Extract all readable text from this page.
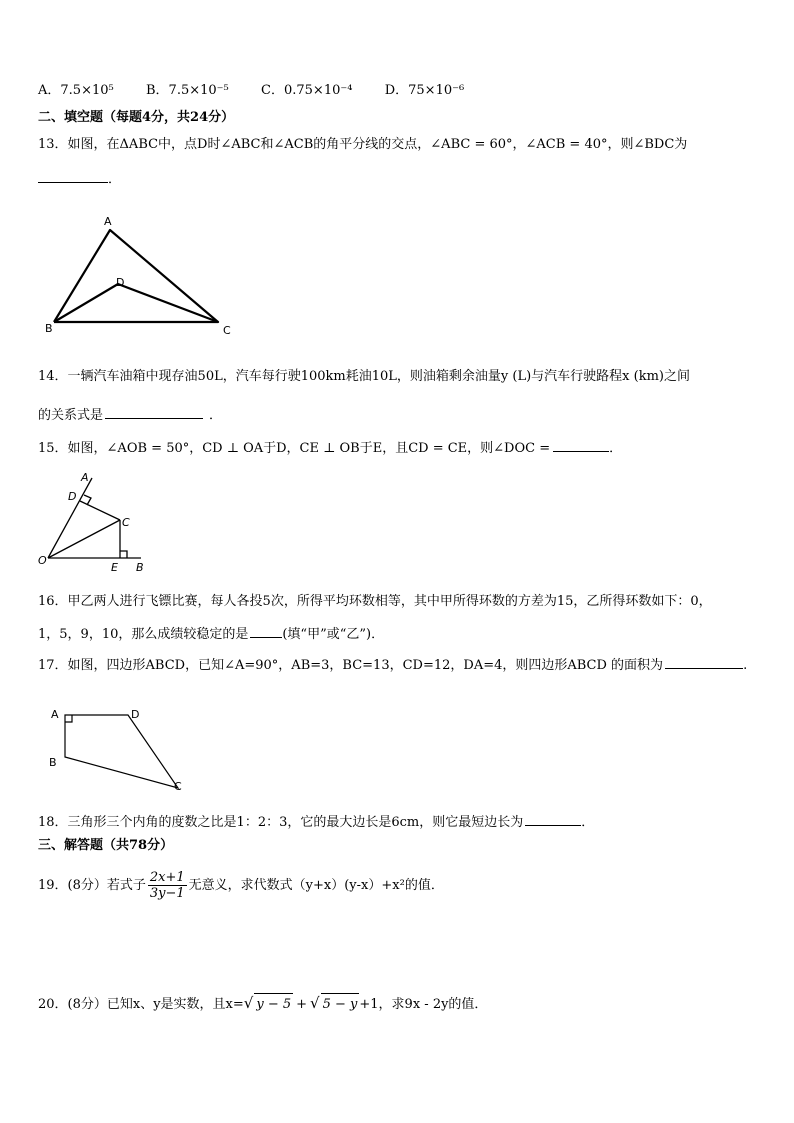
A．7.5×10⁵ B．7.5×10⁻⁵ C．0.75×10⁻⁴ D．75×10⁻⁶
二、填空题（每题4分，共24分）
13．如图，在ΔABC中，点D时∠ABC和∠ACB的角平分线的交点，∠ABC = 60°，∠ACB = 40°，则∠BDC为
．
A
D
B	C
14．一辆汽车油箱中现存油50L，汽车每行驶100km耗油10L，则油箱剩余油量y (L)与汽车行驶路程x (km)之间
的关系式是	．
15．如图，∠AOB = 50°，CD ⊥ OA于D，CE ⊥ OB于E，且CD = CE，则∠DOC =	．
A
D
C
O
E B
16．甲乙两人进行飞镖比赛，每人各投5次，所得平均环数相等，其中甲所得环数的方差为15，乙所得环数如下：0，
1，5，9，10，那么成绩较稳定的是	(填“甲”或“乙”)．
17．如图，四边形ABCD，已知∠A=90°，AB=3，BC=13，CD=12，DA=4，则四边形ABCD 的面积为	.
A	D
B
C
18．三角形三个内角的度数之比是1：2：3，它的最大边长是6cm，则它最短边长为	．
三、解答题（共78分）
19．(8分）若式子 $\frac{2x+1}{3y-1}$ 无意义，求代数式（y+x）(y-x）+x²的值．
20．(8分）已知x、y是实数，且x=√ y − 5 + √ 5 − y +1，求9x - 2y的值．
